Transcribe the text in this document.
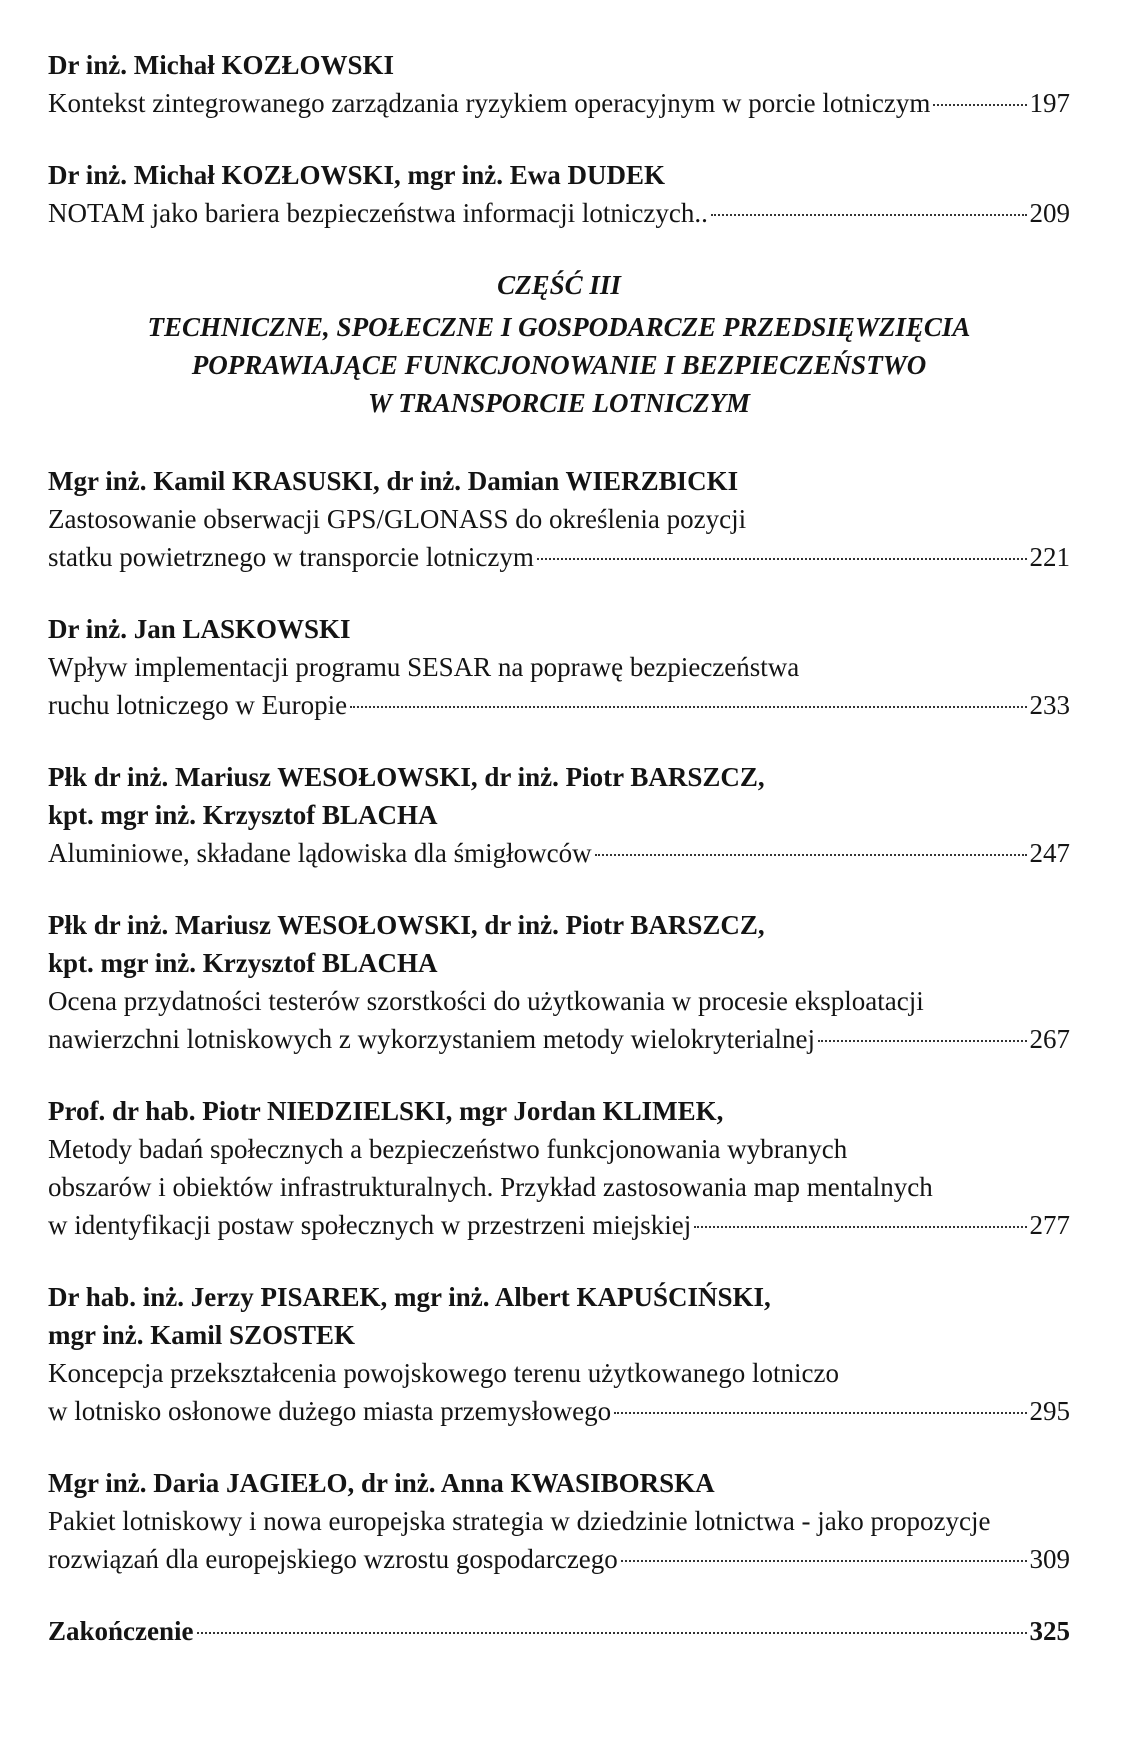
Dr inż. Michał KOZŁOWSKI
Kontekst zintegrowanego zarządzania ryzykiem operacyjnym w porcie lotniczym	197
Dr inż. Michał KOZŁOWSKI, mgr inż. Ewa DUDEK
NOTAM jako bariera bezpieczeństwa informacji lotniczych..	209
CZĘŚĆ III
TECHNICZNE, SPOŁECZNE I GOSPODARCZE PRZEDSIĘWZIĘCIA
POPRAWIAJĄCE FUNKCJONOWANIE I BEZPIECZEŃSTWO
W TRANSPORCIE LOTNICZYM
Mgr inż. Kamil KRASUSKI, dr inż. Damian WIERZBICKI
Zastosowanie obserwacji GPS/GLONASS do określenia pozycji
statku powietrznego w transporcie lotniczym	221
Dr inż. Jan LASKOWSKI
Wpływ implementacji programu SESAR na poprawę bezpieczeństwa
ruchu lotniczego w Europie	233
Płk dr inż. Mariusz WESOŁOWSKI, dr inż. Piotr BARSZCZ,
kpt. mgr inż. Krzysztof BLACHA
Aluminiowe, składane lądowiska dla śmigłowców	247
Płk dr inż. Mariusz WESOŁOWSKI, dr inż. Piotr BARSZCZ,
kpt. mgr inż. Krzysztof BLACHA
Ocena przydatności testerów szorstkości do użytkowania w procesie eksploatacji
nawierzchni lotniskowych z wykorzystaniem metody wielokryterialnej	267
Prof. dr hab. Piotr NIEDZIELSKI, mgr Jordan KLIMEK,
Metody badań społecznych a bezpieczeństwo funkcjonowania wybranych
obszarów i obiektów infrastrukturalnych. Przykład zastosowania map mentalnych
w identyfikacji postaw społecznych w przestrzeni miejskiej	277
Dr hab. inż. Jerzy PISAREK, mgr inż. Albert KAPUŚCIŃSKI,
mgr inż. Kamil SZOSTEK
Koncepcja przekształcenia powojskowego terenu użytkowanego lotniczo
w lotnisko osłonowe dużego miasta przemysłowego	295
Mgr inż. Daria JAGIEŁO, dr inż. Anna KWASIBORSKA
Pakiet lotniskowy i nowa europejska strategia w dziedzinie lotnictwa - jako propozycje
rozwiązań dla europejskiego wzrostu gospodarczego	309
Zakończenie	325
